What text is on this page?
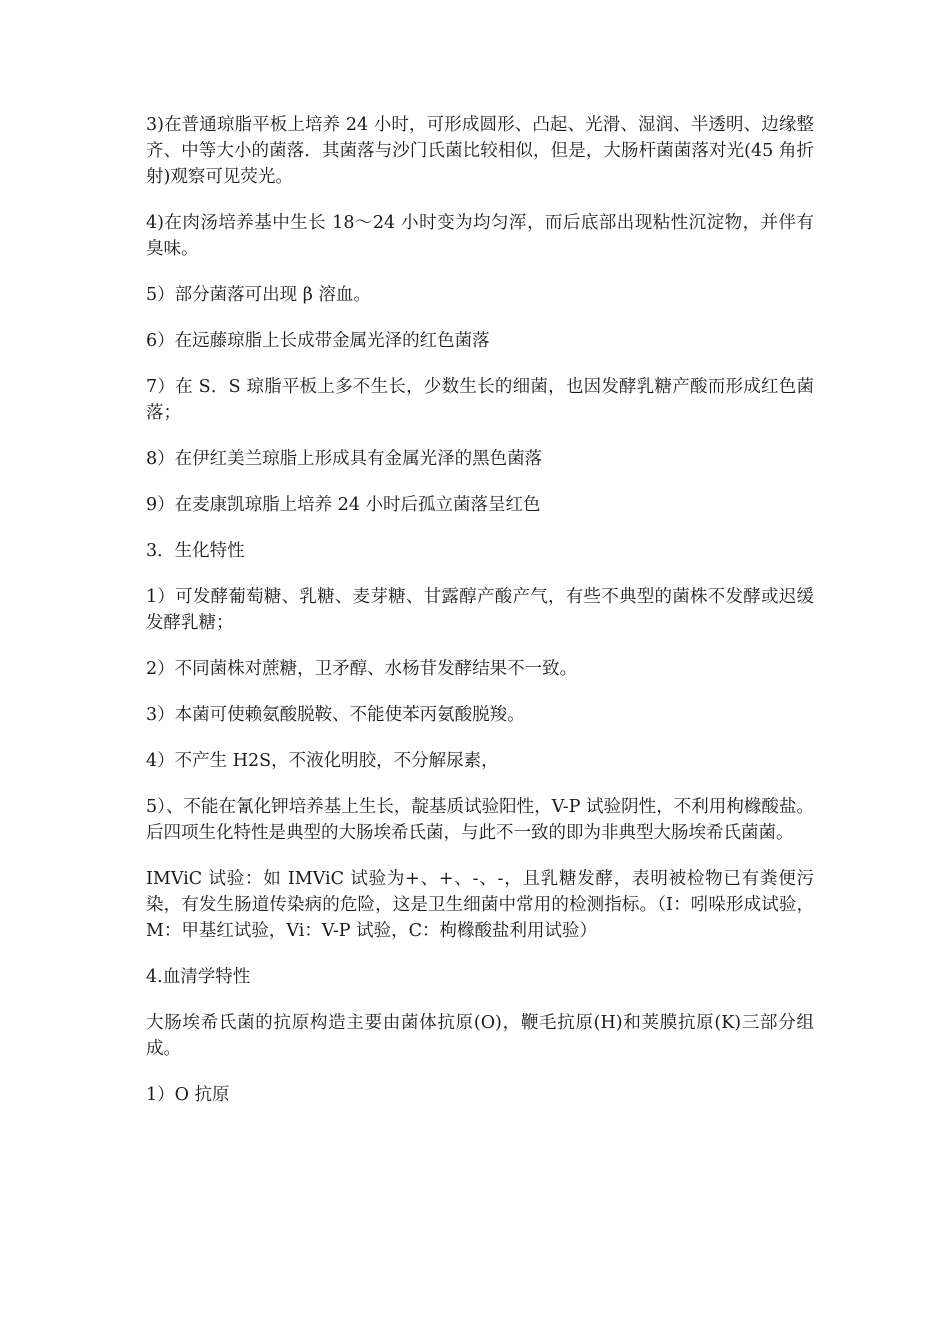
3)在普通琼脂平板上培养 24 小时，可形成圆形、凸起、光滑、湿润、半透明、边缘整齐、中等大小的菌落．其菌落与沙门氏菌比较相似，但是，大肠杆菌菌落对光(45 角折射)观察可见荧光。

4)在肉汤培养基中生长 18～24 小时变为均匀浑，而后底部出现粘性沉淀物，并伴有臭味。

5）部分菌落可出现 β 溶血。

6）在远藤琼脂上长成带金属光泽的红色菌落

7）在 S．S 琼脂平板上多不生长，少数生长的细菌，也因发酵乳糖产酸而形成红色菌落；

8）在伊红美兰琼脂上形成具有金属光泽的黑色菌落

9）在麦康凯琼脂上培养 24 小时后孤立菌落呈红色

3．生化特性

1）可发酵葡萄糖、乳糖、麦芽糖、甘露醇产酸产气，有些不典型的菌株不发酵或迟缓发酵乳糖；

2）不同菌株对蔗糖，卫矛醇、水杨苷发酵结果不一致。

3）本菌可使赖氨酸脱鞍、不能使苯丙氨酸脱羧。

4）不产生 H2S，不液化明胶，不分解尿素，

5）、不能在氰化钾培养基上生长，靛基质试验阳性，V-P 试验阴性，不利用枸橼酸盐。后四项生化特性是典型的大肠埃希氏菌，与此不一致的即为非典型大肠埃希氏菌菌。

IMViC 试验：如 IMViC 试验为+、+、-、-，且乳糖发酵，表明被检物已有粪便污染，有发生肠道传染病的危险，这是卫生细菌中常用的检测指标。（I：吲哚形成试验，M：甲基红试验，Vi：V-P 试验，C：枸橼酸盐利用试验）

4.血清学特性

大肠埃希氏菌的抗原构造主要由菌体抗原(O)，鞭毛抗原(H)和荚膜抗原(K)三部分组成。

1）O 抗原
